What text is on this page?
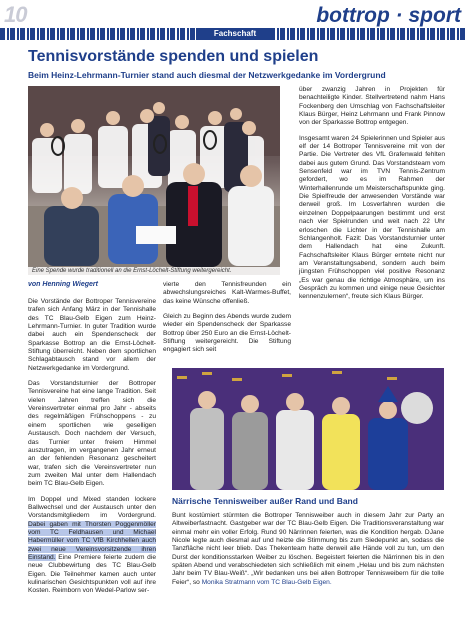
10
Fachschaft
bottrop · sport
Tennisvorstände spenden und spielen
Beim Heinz-Lehrmann-Turnier stand auch diesmal der Netzwerkgedanke im Vordergrund
Eine Spende wurde traditionell an die Ernst-Löchelt-Stiftung weitergereicht.
von Henning Wiegert

Die Vorstände der Bottroper Tennisvereine trafen sich Anfang März in der Tennishalle des TC Blau-Gelb Eigen zum Heinz-Lehrmann-Turnier. In guter Tradition wurde dabei auch ein Spendenscheck der Sparkasse Bottrop an die Ernst-Löchelt-Stiftung überreicht. Neben dem sportlichen Schlagabtausch stand vor allem der Netzwerkgedanke im Vordergrund.

Das Vorstandsturnier der Bottroper Tennisvereine hat eine lange Tradition. Seit vielen Jahren treffen sich die Vereinsvertreter einmal pro Jahr - abseits des regelmäßigen Frühschoppens - zu einem sportlichen wie geselligen Austausch. Doch nachdem der Versuch, das Turnier unter freiem Himmel auszutragen, im vergangenen Jahr erneut an der fehlenden Resonanz gescheitert war, trafen sich die Vereinsvertreter nun zum zweiten Mal unter dem Hallendach beim TC Blau-Gelb Eigen.

Im Doppel und Mixed standen lockere Ballwechsel und der Austausch unter den Vorstandsmitgliedern im Vordergrund. Dabei gaben mit Thorsten Poggenmöller vom TC Feldhausen und Michael Habermüller vom TC VfB Kirchhellen auch zwei neue Vereinsvorsitzende ihren Einstand. Eine Premiere feierte zudem die neue Clubbewirtung des TC Blau-Gelb Eigen. Die Teilnehmer kamen auch unter kulinarischen Gesichtspunkten voll auf ihre Kosten. Reimborn von Wedel-Parlow ser-

vierte den Tennisfreunden ein abwechslungsreiches Kalt-Warmes-Buffet, das keine Wünsche offenließ.

Gleich zu Beginn des Abends wurde zudem wieder ein Spendenscheck der Sparkasse Bottrop über 250 Euro an die Ernst-Löchelt-Stiftung weitergereicht. Die Stiftung engagiert sich seit

über zwanzig Jahren in Projekten für benachteiligte Kinder. Stellvertretend nahm Hans Fockenberg den Umschlag von Fachschaftsleiter Klaus Bürger, Heinz Lehrmann und Frank Pinnow von der Sparkasse Bottrop entgegen.

Insgesamt waren 24 Spielerinnen und Spieler aus elf der 14 Bottroper Tennisvereine mit von der Partie. Die Vertreter des VfL Grafenwald fehlten dabei aus gutem Grund. Das Vorstandsteam vom Sensenfeld war im TVN Tennis-Zentrum gefordert, wo es im Rahmen der Winterhallenrunde um Meisterschaftspunkte ging. Die Spielfreude der anwesenden Vorstände war derweil groß. Im Losverfahren wurden die einzelnen Doppelpaarungen bestimmt und erst nach vier Spielrunden und weit nach 22 Uhr erloschen die Lichter in der Tennishalle am Schlangenholt. Fazit: Das Vorstandsturnier unter dem Hallendach hat eine Zukunft. Fachschaftsleiter Klaus Bürger erntete nicht nur am Veranstaltungsabend, sondern auch beim jüngsten Frühschoppen viel positive Resonanz „Es war genau die richtige Atmosphäre, um ins Gespräch zu kommen und einige neue Gesichter kennenzulernen“, freute sich Klaus Bürger.

Närrische Tennisweiber außer Rand und Band
Bunt kostümiert stürmten die Bottroper Tennisweiber auch in diesem Jahr zur Party an Altweiberfastnacht. Gastgeber war der TC Blau-Gelb Eigen. Die Traditionsveranstaltung war einmal mehr ein voller Erfolg. Rund 90 Närrinnen feierten, was die Kondition hergab. DJane Nicole legte auch diesmal auf und heizte die Stimmung bis zum Siedepunkt an, sodass die Tanzfläche nicht leer blieb. Das Thekenteam hatte derweil alle Hände voll zu tun, um den Durst der konditionsstarken Weiber zu löschen. Begeistert feierten die Närrinnen bis in den späten Abend und verabschiedeten sich schließlich mit einem „Helau und bis zum nächsten Jahr beim TV Blau-Weiß“. „Wir bedanken uns bei allen Bottroper Tennisweibern für die tolle Feier“, so Monika Stratmann vom TC Blau-Gelb Eigen.
